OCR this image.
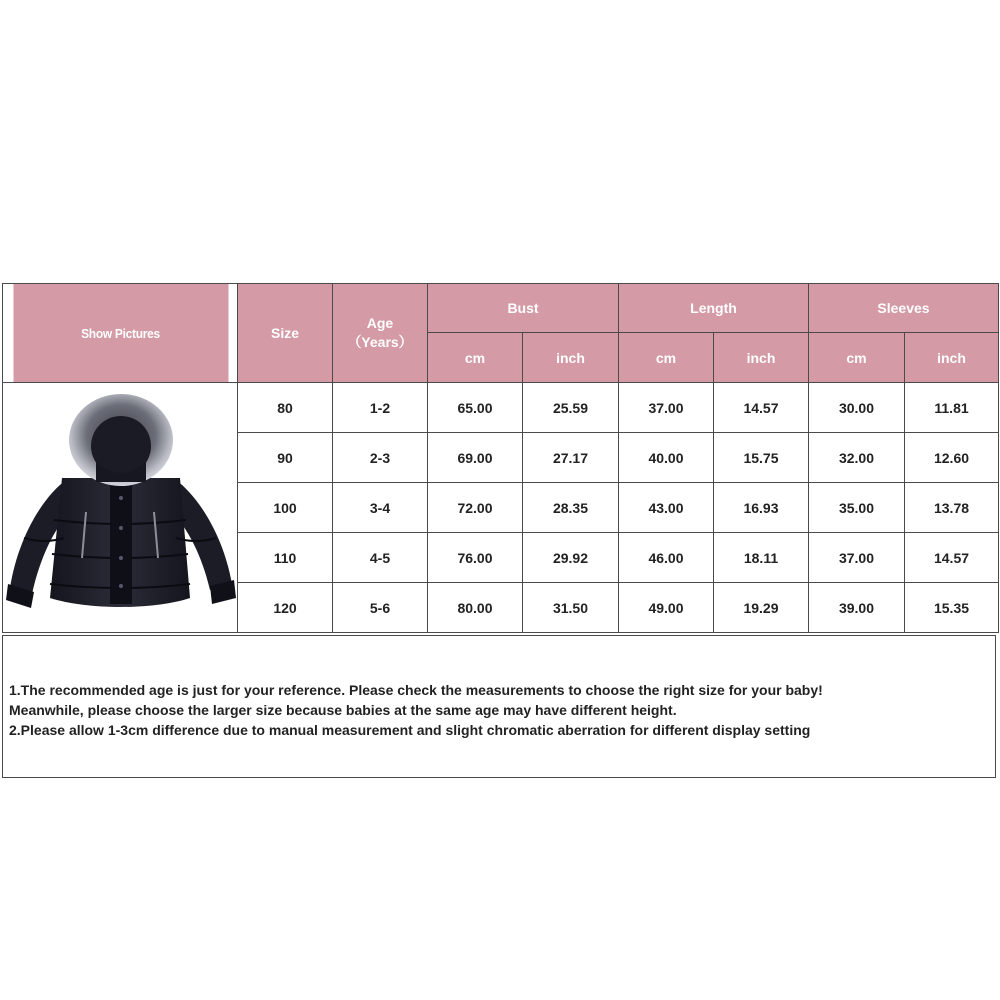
Show Pictures	Size	Age
（Years）	Bust		Length		Sleeves	
			cm	inch	cm	inch	cm	inch

	80	1-2	65.00	25.59	37.00	14.57	30.00	11.81
	90	2-3	69.00	27.17	40.00	15.75	32.00	12.60
	100	3-4	72.00	28.35	43.00	16.93	35.00	13.78
	110	4-5	76.00	29.92	46.00	18.11	37.00	14.57
	120	5-6	80.00	31.50	49.00	19.29	39.00	15.35

1.The recommended age is just for your reference. Please check the measurements to choose the right size for your baby!

Meanwhile, please choose the larger size because babies at the same age may have different height.

2.Please allow 1-3cm difference due to manual measurement and slight chromatic aberration for different display setting
